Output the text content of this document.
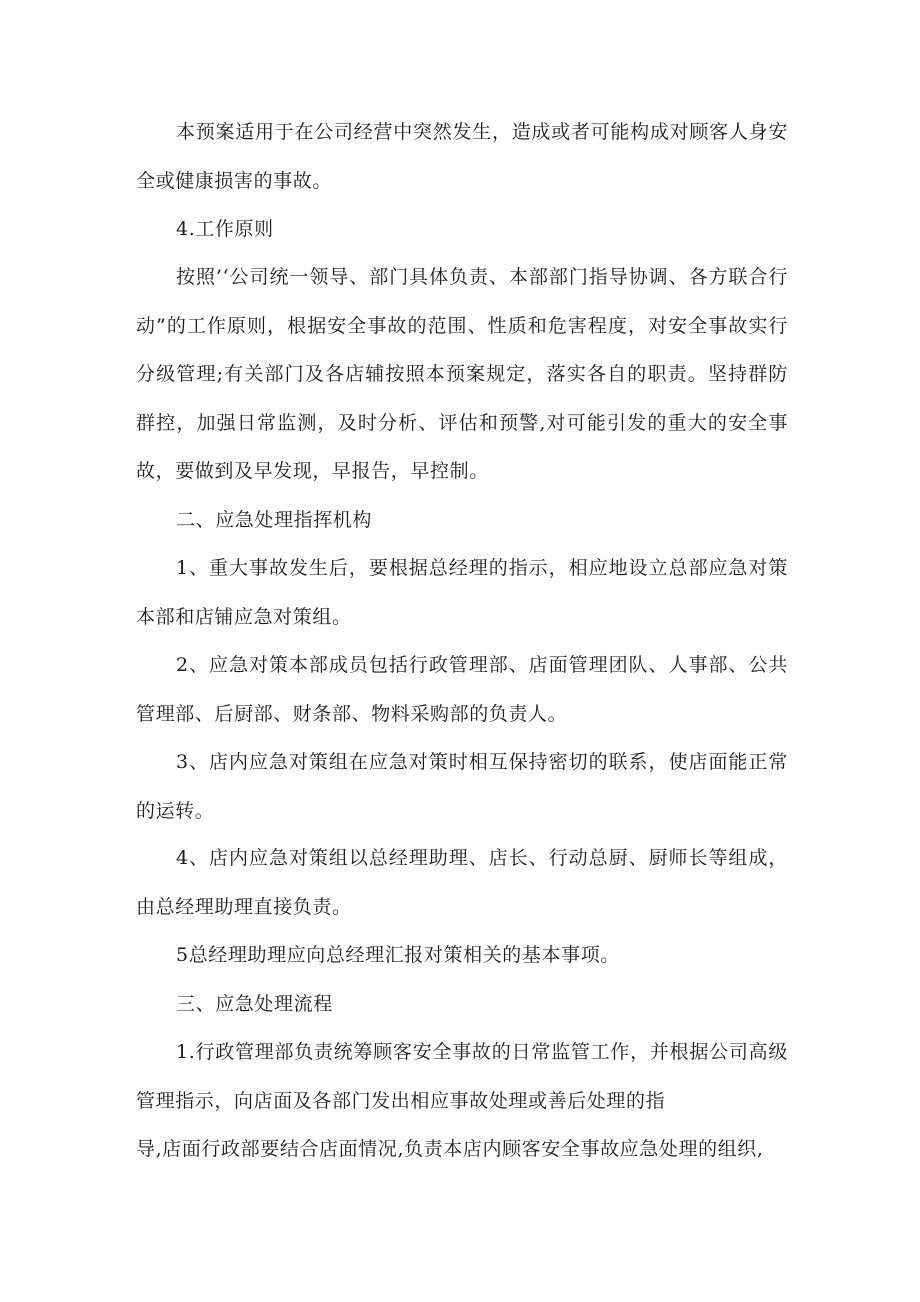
本预案适用于在公司经营中突然发生，造成或者可能构成对顾客人身安全或健康损害的事故。

4.工作原则

按照’‘公司统一领导、部门具体负责、本部部门指导协调、各方联合行动”的工作原则，根据安全事故的范围、性质和危害程度，对安全事故实行分级管理;有关部门及各店辅按照本预案规定，落实各自的职责。坚持群防群控，加强日常监测，及时分析、评估和预警,对可能引发的重大的安全事故，要做到及早发现，早报告，早控制。

二、应急处理指挥机构

1、重大事故发生后，要根据总经理的指示，相应地设立总部应急对策本部和店铺应急对策组。

2、应急对策本部成员包括行政管理部、店面管理团队、人事部、公共管理部、后厨部、财条部、物料采购部的负责人。

3、店内应急对策组在应急对策时相互保持密切的联系，使店面能正常的运转。

4、店内应急对策组以总经理助理、店长、行动总厨、厨师长等组成，由总经理助理直接负责。

5总经理助理应向总经理汇报对策相关的基本事项。

三、应急处理流程

1.行政管理部负责统筹顾客安全事故的日常监管工作，并根据公司高级管理指示，向店面及各部门发出相应事故处理或善后处理的指

导,店面行政部要结合店面情况,负责本店内顾客安全事故应急处理的组织,
